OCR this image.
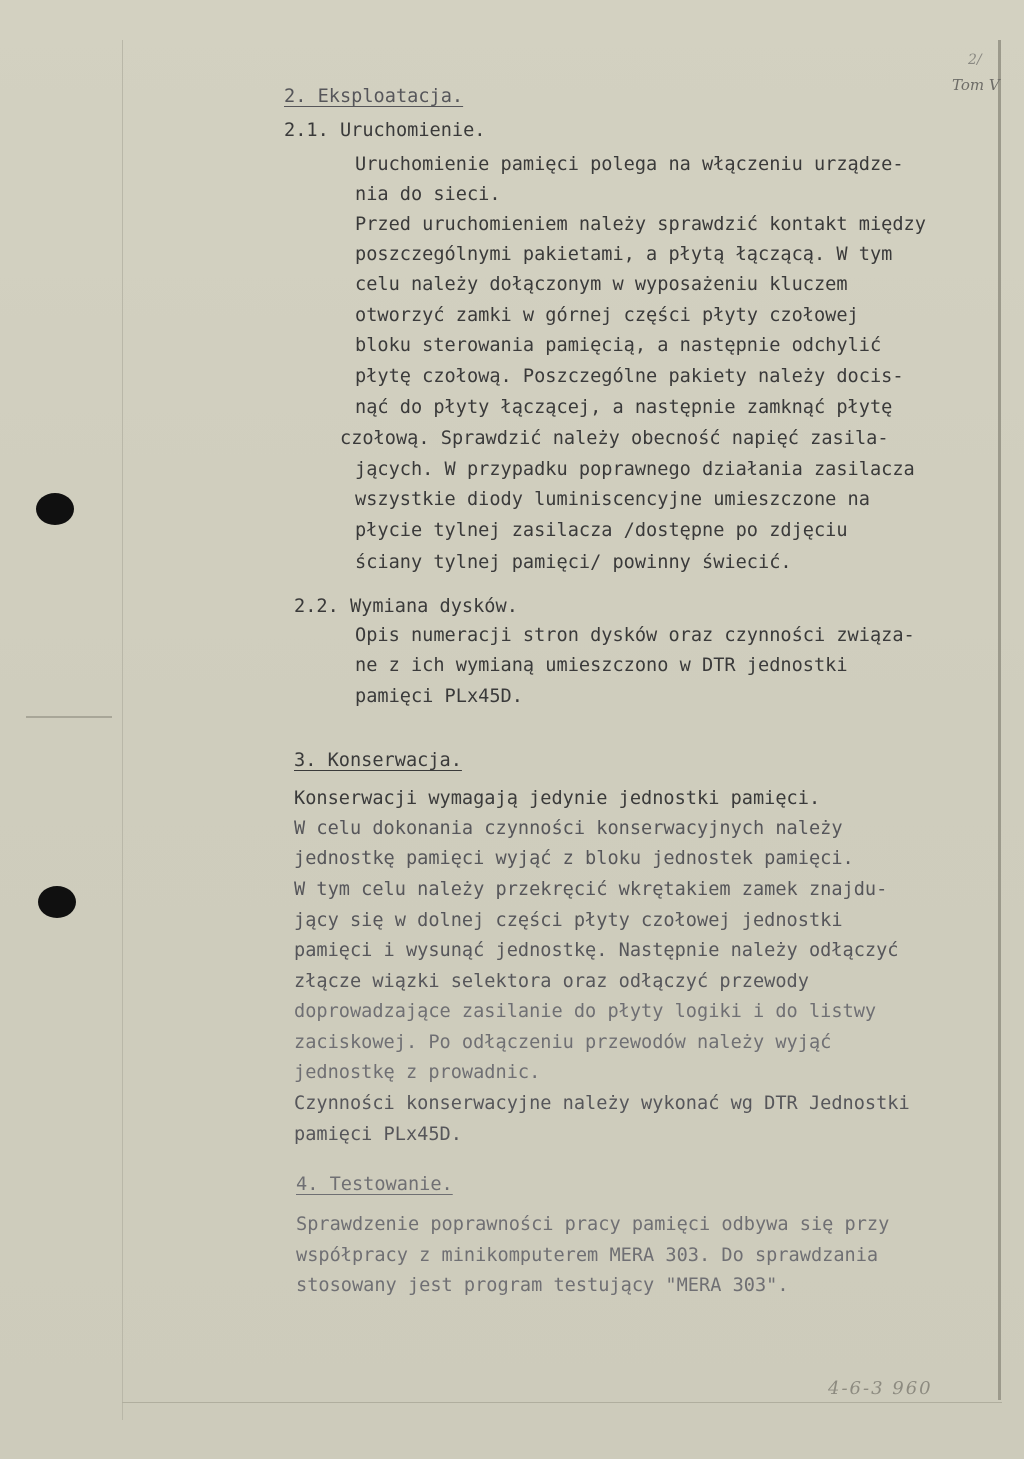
2/
Tom V
2. Eksploatacja.
2.1. Uruchomienie.
Uruchomienie pamięci polega na włączeniu urządze-
nia do sieci.
Przed uruchomieniem należy sprawdzić kontakt między
poszczególnymi pakietami, a płytą łączącą. W tym
celu należy dołączonym w wyposażeniu kluczem
otworzyć zamki w górnej części płyty czołowej
bloku sterowania pamięcią, a następnie odchylić
płytę czołową. Poszczególne pakiety należy docis-
nąć do płyty łączącej, a następnie zamknąć płytę
czołową. Sprawdzić należy obecność napięć zasila-
jących. W przypadku poprawnego działania zasilacza
wszystkie diody luminiscencyjne umieszczone na
płycie tylnej zasilacza /dostępne po zdjęciu
ściany tylnej pamięci/ powinny świecić.
2.2. Wymiana dysków.
Opis numeracji stron dysków oraz czynności związa-
ne z ich wymianą umieszczono w DTR jednostki
pamięci PLx45D.
3. Konserwacja.
Konserwacji wymagają jedynie jednostki pamięci.
W celu dokonania czynności konserwacyjnych należy
jednostkę pamięci wyjąć z bloku jednostek pamięci.
W tym celu należy przekręcić wkrętakiem zamek znajdu-
jący się w dolnej części płyty czołowej jednostki
pamięci i wysunąć jednostkę. Następnie należy odłączyć
złącze wiązki selektora oraz odłączyć przewody
doprowadzające zasilanie do płyty logiki i do listwy
zaciskowej. Po odłączeniu przewodów należy wyjąć
jednostkę z prowadnic.
Czynności konserwacyjne należy wykonać wg DTR Jednostki
pamięci PLx45D.
4. Testowanie.
Sprawdzenie poprawności pracy pamięci odbywa się przy
współpracy z minikomputerem MERA 303. Do sprawdzania
stosowany jest program testujący "MERA 303".
4-6-3 960
